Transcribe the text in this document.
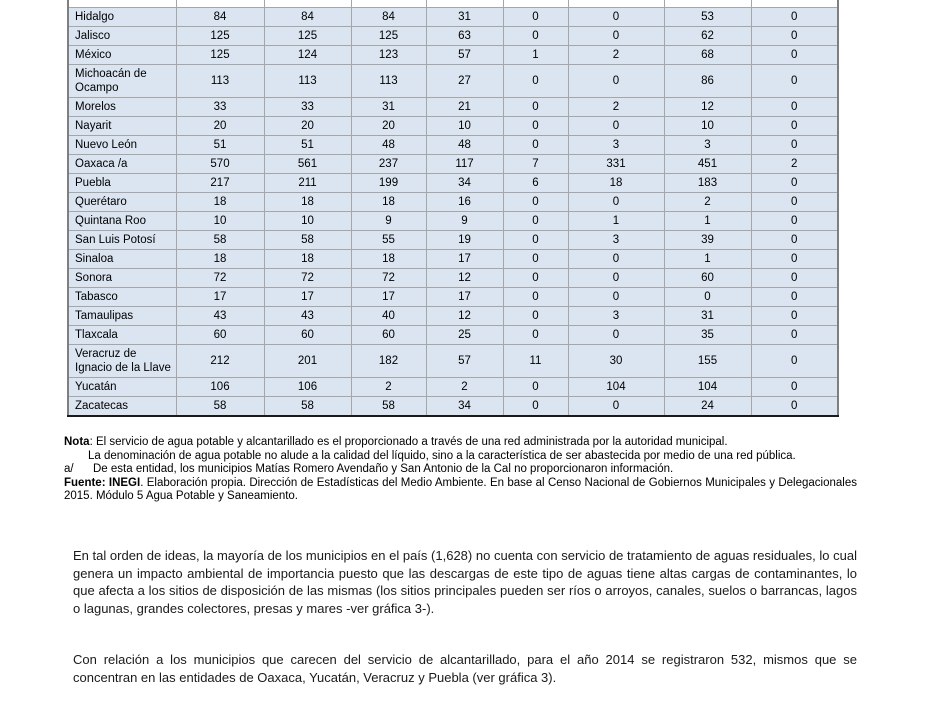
Hidalgo	84	84	84	31	0	0	53	0
Jalisco	125	125	125	63	0	0	62	0
México	125	124	123	57	1	2	68	0
Michoacán de Ocampo	113	113	113	27	0	0	86	0
Morelos	33	33	31	21	0	2	12	0
Nayarit	20	20	20	10	0	0	10	0
Nuevo León	51	51	48	48	0	3	3	0
Oaxaca /a	570	561	237	117	7	331	451	2
Puebla	217	211	199	34	6	18	183	0
Querétaro	18	18	18	16	0	0	2	0
Quintana Roo	10	10	9	9	0	1	1	0
San Luis Potosí	58	58	55	19	0	3	39	0
Sinaloa	18	18	18	17	0	0	1	0
Sonora	72	72	72	12	0	0	60	0
Tabasco	17	17	17	17	0	0	0	0
Tamaulipas	43	43	40	12	0	3	31	0
Tlaxcala	60	60	60	25	0	0	35	0
Veracruz de Ignacio de la Llave	212	201	182	57	11	30	155	0
Yucatán	106	106	2	2	0	104	104	0
Zacatecas	58	58	58	34	0	0	24	0
Nota: El servicio de agua potable y alcantarillado es el proporcionado a través de una red administrada por la autoridad municipal.
La denominación de agua potable no alude a la calidad del líquido, sino a la característica de ser abastecida por medio de una red pública.
a/ De esta entidad, los municipios Matías Romero Avendaño y San Antonio de la Cal no proporcionaron información.
Fuente: INEGI. Elaboración propia. Dirección de Estadísticas del Medio Ambiente. En base al Censo Nacional de Gobiernos Municipales y Delegacionales 2015. Módulo 5 Agua Potable y Saneamiento.

En tal orden de ideas, la mayoría de los municipios en el país (1,628) no cuenta con servicio de tratamiento de aguas residuales, lo cual genera un impacto ambiental de importancia puesto que las descargas de este tipo de aguas tiene altas cargas de contaminantes, lo que afecta a los sitios de disposición de las mismas (los sitios principales pueden ser ríos o arroyos, canales, suelos o barrancas, lagos o lagunas, grandes colectores, presas y mares -ver gráfica 3-).

Con relación a los municipios que carecen del servicio de alcantarillado, para el año 2014 se registraron 532, mismos que se concentran en las entidades de Oaxaca, Yucatán, Veracruz y Puebla (ver gráfica 3).
